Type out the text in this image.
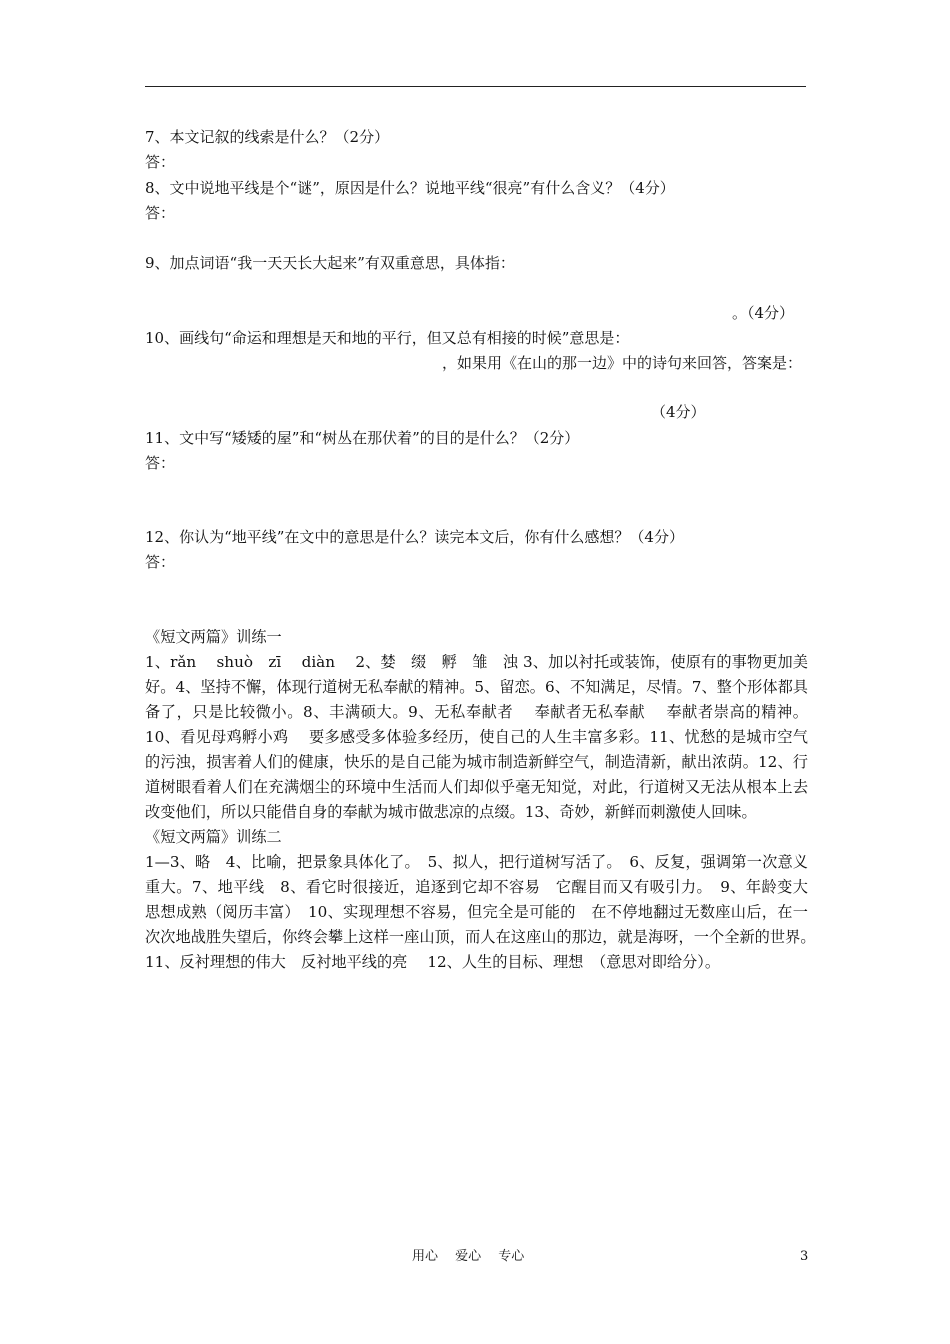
7、本文记叙的线索是什么？（2分）
答：
8、文中说地平线是个“谜”，原因是什么？说地平线“很亮”有什么含义？（4分）
答：
9、加点词语“我一天天长大起来”有双重意思，具体指：
。（4分）
10、画线句“命运和理想是天和地的平行，但又总有相接的时候”意思是：
，如果用《在山的那一边》中的诗句来回答，答案是：
（4分）
11、文中写“矮矮的屋”和“树丛在那伏着”的目的是什么？（2分）
答：
12、你认为“地平线”在文中的意思是什么？读完本文后，你有什么感想？（4分）
答：

《短文两篇》训练一

1、rǎn　 shuò　zī　 diàn　 2、婪　缀　孵　雏　浊 3、加以衬托或装饰，使原有的事物更加美好。4、坚持不懈，体现行道树无私奉献的精神。5、留恋。6、不知满足，尽情。7、整个形体都具备了，只是比较微小。8、丰满硕大。9、无私奉献者　 奉献者无私奉献　 奉献者崇高的精神。10、看见母鸡孵小鸡　 要多感受多体验多经历，使自己的人生丰富多彩。11、忧愁的是城市空气的污浊，损害着人们的健康，快乐的是自己能为城市制造新鲜空气，制造清新，献出浓荫。12、行道树眼看着人们在充满烟尘的环境中生活而人们却似乎毫无知觉，对此，行道树又无法从根本上去改变他们，所以只能借自身的奉献为城市做悲凉的点缀。13、奇妙，新鲜而刺激使人回味。

《短文两篇》训练二

1—3、略　4、比喻，把景象具体化了。　5、拟人，把行道树写活了。　6、反复，强调第一次意义重大。7、地平线　8、看它时很接近，追逐到它却不容易　它醒目而又有吸引力。　9、年龄变大 思想成熟（阅历丰富）　10、实现理想不容易，但完全是可能的　在不停地翻过无数座山后，在一次次地战胜失望后，你终会攀上这样一座山顶，而人在这座山的那边，就是海呀，一个全新的世界。　11、反衬理想的伟大　反衬地平线的亮　 12、人生的目标、理想　（意思对即给分）。

用心　 爱心　 专心	3
